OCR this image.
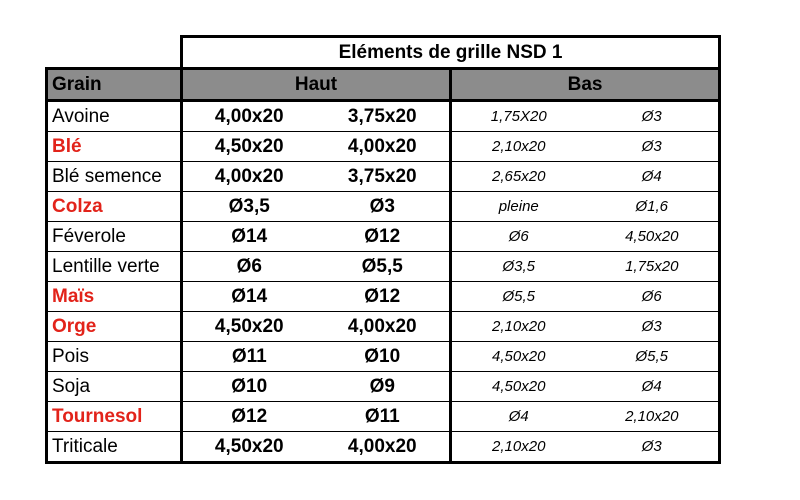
	Eléments de grille NSD 1			
Grain	Haut		Bas	
Avoine	4,00x20	3,75x20	1,75X20	Ø3
Blé	4,50x20	4,00x20	2,10x20	Ø3
Blé semence	4,00x20	3,75x20	2,65x20	Ø4
Colza	Ø3,5	Ø3	pleine	Ø1,6
Féverole	Ø14	Ø12	Ø6	4,50x20
Lentille verte	Ø6	Ø5,5	Ø3,5	1,75x20
Maïs	Ø14	Ø12	Ø5,5	Ø6
Orge	4,50x20	4,00x20	2,10x20	Ø3
Pois	Ø11	Ø10	4,50x20	Ø5,5
Soja	Ø10	Ø9	4,50x20	Ø4
Tournesol	Ø12	Ø11	Ø4	2,10x20
Triticale	4,50x20	4,00x20	2,10x20	Ø3
